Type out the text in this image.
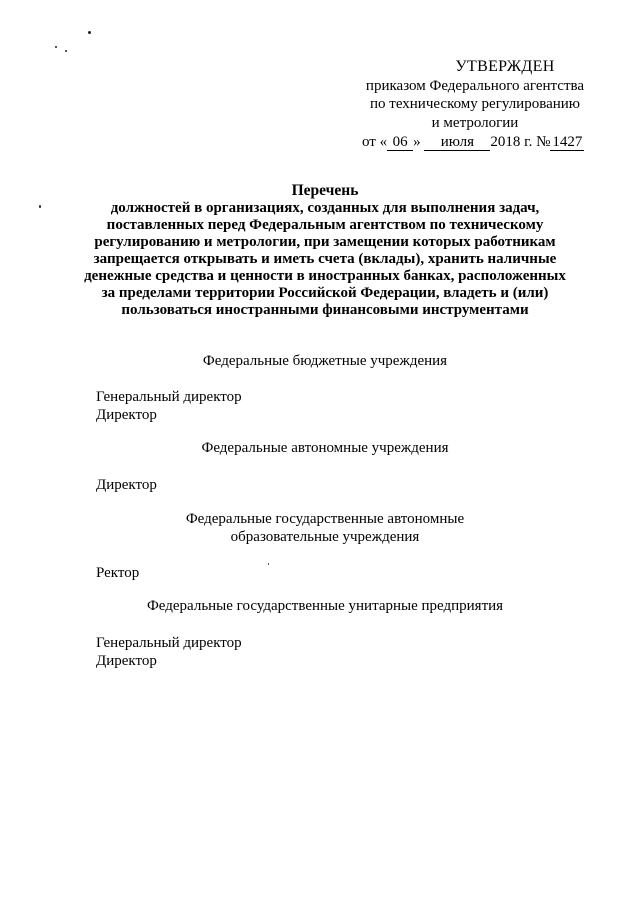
УТВЕРЖДЕН
приказом Федерального агентства
по техническому регулированию
и метрологии
от « 06 » июля 2018 г. № 1427
Перечень
должностей в организациях, созданных для выполнения задач,
поставленных перед Федеральным агентством по техническому
регулированию и метрологии, при замещении которых работникам
запрещается открывать и иметь счета (вклады), хранить наличные
денежные средства и ценности в иностранных банках, расположенных
за пределами территории Российской Федерации, владеть и (или)
пользоваться иностранными финансовыми инструментами
Федеральные бюджетные учреждения
Генеральный директор
Директор
Федеральные автономные учреждения
Директор
Федеральные государственные автономные
образовательные учреждения
Ректор
Федеральные государственные унитарные предприятия
Генеральный директор
Директор
